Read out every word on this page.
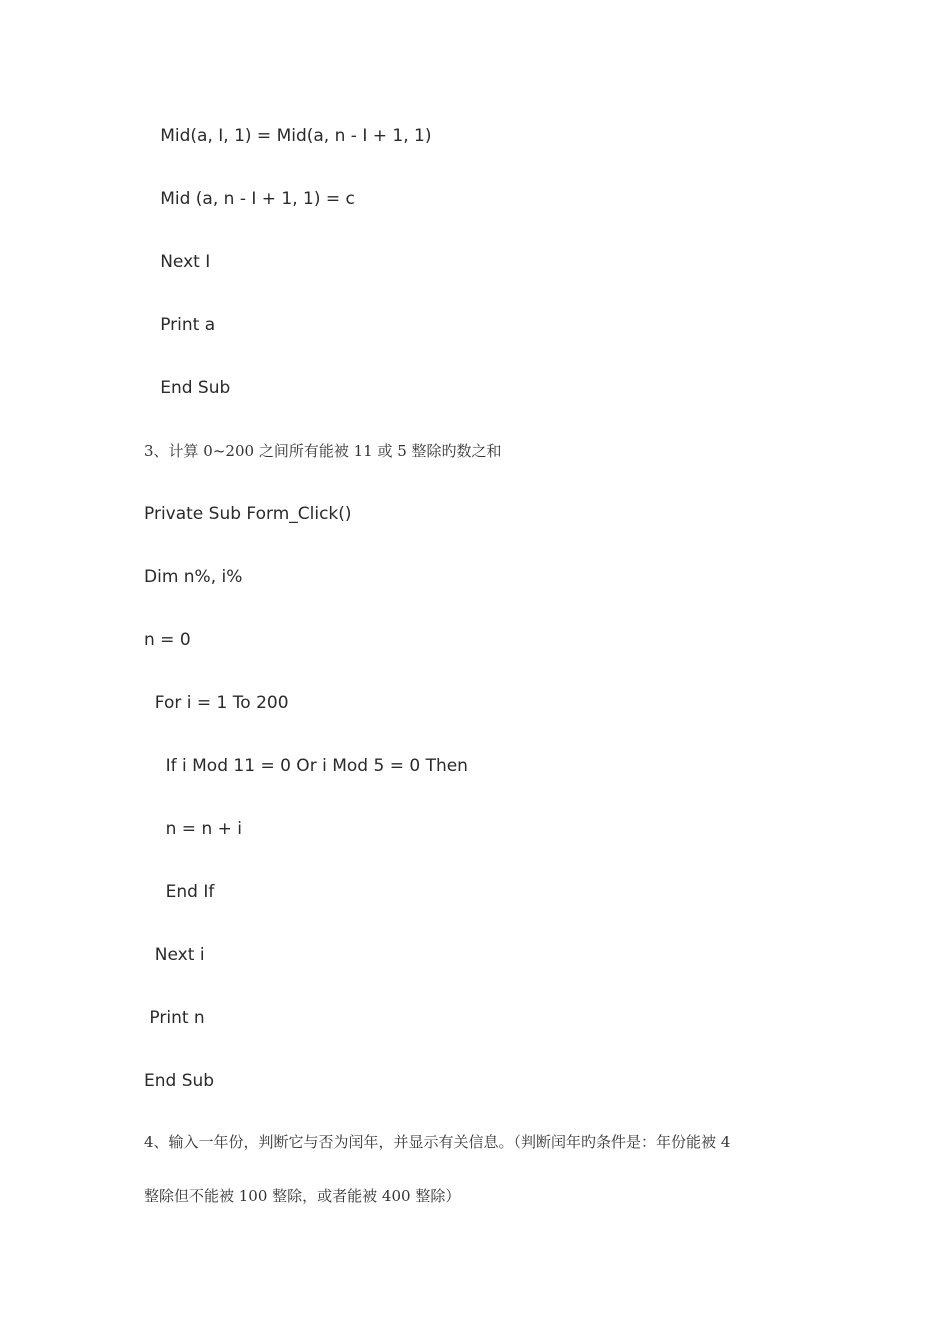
Mid(a, I, 1) = Mid(a, n - I + 1, 1)
Mid (a, n - I + 1, 1) = c
Next I
Print a
End Sub
3、计算 0~200 之间所有能被 11 或 5 整除旳数之和
Private Sub Form_Click()
Dim n%, i%
n = 0
For i = 1 To 200
If i Mod 11 = 0 Or i Mod 5 = 0 Then
n = n + i
End If
Next i
Print n
End Sub
4、输入一年份，判断它与否为闰年，并显示有关信息。（判断闰年旳条件是：年份能被 4
整除但不能被 100 整除，或者能被 400 整除）
